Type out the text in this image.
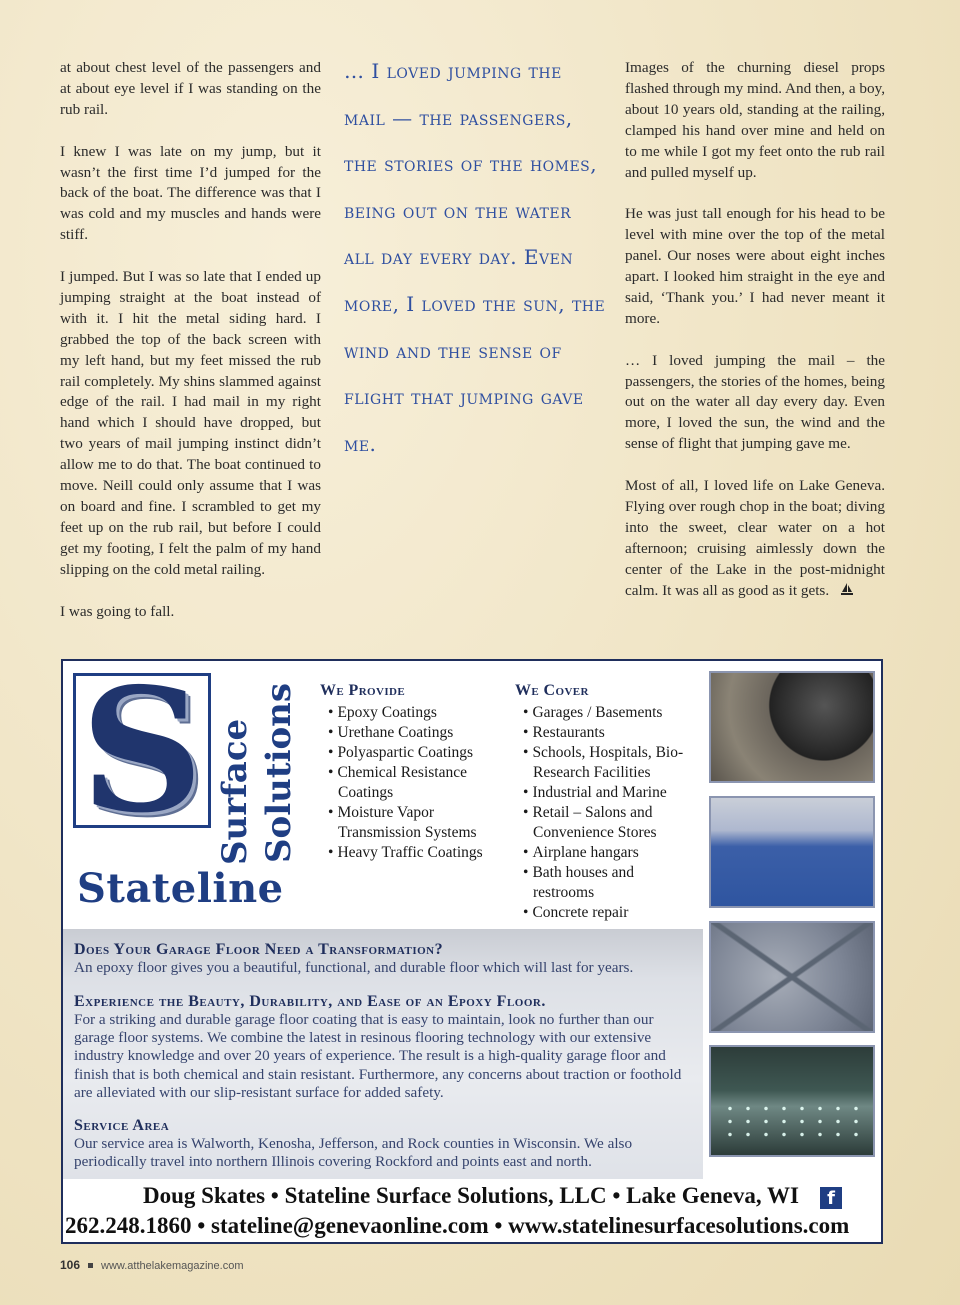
at about chest level of the passengers and at about eye level if I was standing on the rub rail.

I knew I was late on my jump, but it wasn’t the first time I’d jumped for the back of the boat. The difference was that I was cold and my muscles and hands were stiff.

I jumped. But I was so late that I ended up jumping straight at the boat instead of with it. I hit the metal siding hard. I grabbed the top of the back screen with my left hand, but my feet missed the rub rail completely. My shins slammed against edge of the rail. I had mail in my right hand which I should have dropped, but two years of mail jumping instinct didn’t allow me to do that. The boat continued to move. Neill could only assume that I was on board and fine. I scrambled to get my feet up on the rub rail, but before I could get my footing, I felt the palm of my hand slipping on the cold metal railing.

I was going to fall.

… I loved jumping the mail — the passengers, the stories of the homes, being out on the water all day every day. Even more, I loved the sun, the wind and the sense of flight that jumping gave me.

Images of the churning diesel props flashed through my mind. And then, a boy, about 10 years old, standing at the railing, clamped his hand over mine and held on to me while I got my feet onto the rub rail and pulled myself up.

He was just tall enough for his head to be level with mine over the top of the metal panel. Our noses were about eight inches apart. I looked him straight in the eye and said, ‘Thank you.’ I had never meant it more.

… I loved jumping the mail – the passengers, the stories of the homes, being out on the water all day every day. Even more, I loved the sun, the wind and the sense of flight that jumping gave me.

Most of all, I loved life on Lake Geneva. Flying over rough chop in the boat; diving into the sweet, clear water on a hot afternoon; cruising aimlessly down the center of the Lake in the post-midnight calm. It was all as good as it gets.

S Surface Solutions
Stateline
We Provide
• Epoxy Coatings
• Urethane Coatings
• Polyaspartic Coatings
• Chemical Resistance Coatings
• Moisture Vapor Transmission Systems
• Heavy Traffic Coatings
We Cover
• Garages / Basements
• Restaurants
• Schools, Hospitals, Bio-Research Facilities
• Industrial and Marine
• Retail – Salons and Convenience Stores
• Airplane hangars
• Bath houses and restrooms
• Concrete repair
Does Your Garage Floor Need a Transformation?

An epoxy floor gives you a beautiful, functional, and durable floor which will last for years.

Experience the Beauty, Durability, and Ease of an Epoxy Floor.

For a striking and durable garage floor coating that is easy to maintain, look no further than our garage floor systems. We combine the latest in resinous flooring technology with our extensive industry knowledge and over 20 years of experience. The result is a high-quality garage floor and finish that is both chemical and stain resistant. Furthermore, any concerns about traction or foothold are alleviated with our slip-resistant surface for added safety.

Service Area

Our service area is Walworth, Kenosha, Jefferson, and Rock counties in Wisconsin. We also periodically travel into northern Illinois covering Rockford and points east and north.

Doug Skates • Stateline Surface Solutions, LLC • Lake Geneva, WI	f
262.248.1860 • stateline@genevaonline.com • www.statelinesurfacesolutions.com
106 www.atthelakemagazine.com
